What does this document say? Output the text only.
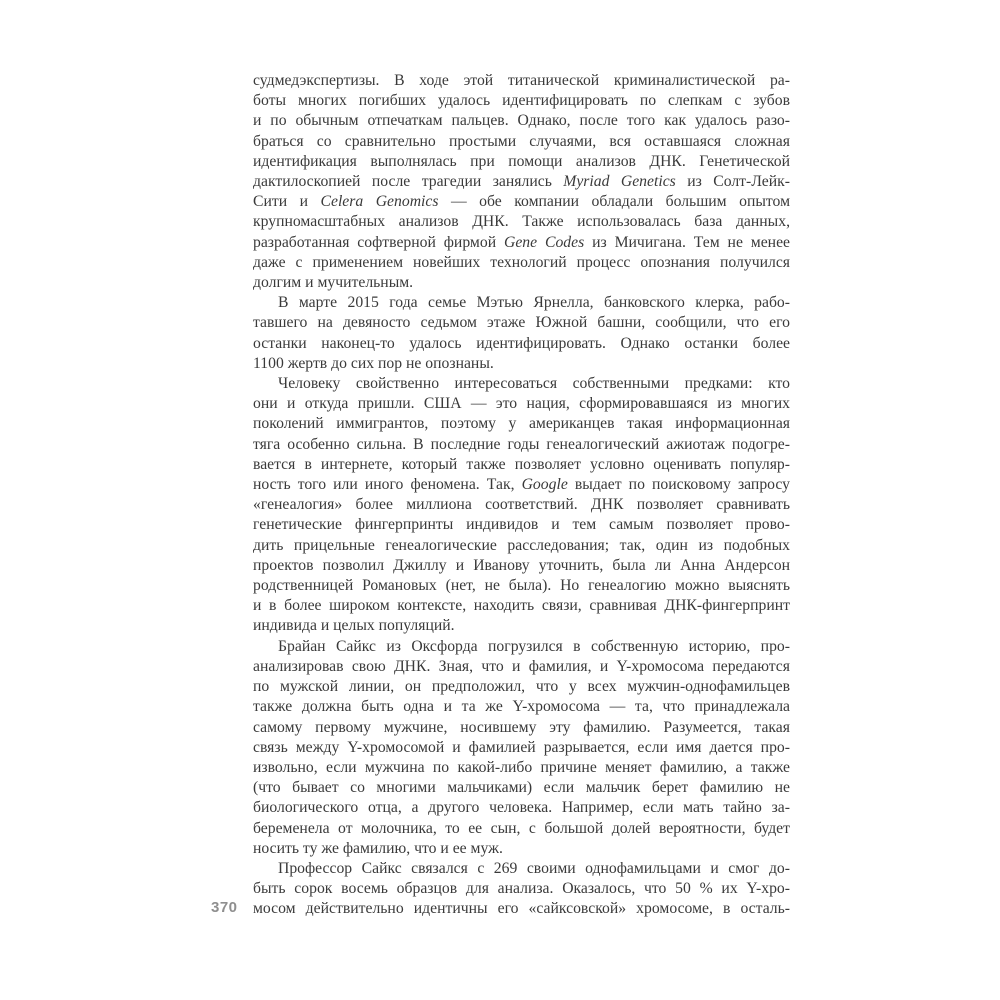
370
судмедэкспертизы. В ходе этой титанической криминалистической ра-
боты многих погибших удалось идентифицировать по слепкам с зубов
и по обычным отпечаткам пальцев. Однако, после того как удалось разо-
браться со сравнительно простыми случаями, вся оставшаяся сложная
идентификация выполнялась при помощи анализов ДНК. Генетической
дактилоскопией после трагедии занялись Myriad Genetics из Солт-Лейк-
Сити и Celera Genomics — обе компании обладали большим опытом
крупномасштабных анализов ДНК. Также использовалась база данных,
разработанная софтверной фирмой Gene Codes из Мичигана. Тем не менее
даже с применением новейших технологий процесс опознания получился
долгим и мучительным.
В марте 2015 года семье Мэтью Ярнелла, банковского клерка, рабо-
тавшего на девяносто седьмом этаже Южной башни, сообщили, что его
останки наконец-то удалось идентифицировать. Однако останки более
1100 жертв до сих пор не опознаны.
Человеку свойственно интересоваться собственными предками: кто
они и откуда пришли. США — это нация, сформировавшаяся из многих
поколений иммигрантов, поэтому у американцев такая информационная
тяга особенно сильна. В последние годы генеалогический ажиотаж подогре-
вается в интернете, который также позволяет условно оценивать популяр-
ность того или иного феномена. Так, Google выдает по поисковому запросу
«генеалогия» более миллиона соответствий. ДНК позволяет сравнивать
генетические фингерпринты индивидов и тем самым позволяет прово-
дить прицельные генеалогические расследования; так, один из подобных
проектов позволил Джиллу и Иванову уточнить, была ли Анна Андерсон
родственницей Романовых (нет, не была). Но генеалогию можно выяснять
и в более широком контексте, находить связи, сравнивая ДНК-фингерпринт
индивида и целых популяций.
Брайан Сайкс из Оксфорда погрузился в собственную историю, про-
анализировав свою ДНК. Зная, что и фамилия, и Y-хромосома передаются
по мужской линии, он предположил, что у всех мужчин-однофамильцев
также должна быть одна и та же Y-хромосома — та, что принадлежала
самому первому мужчине, носившему эту фамилию. Разумеется, такая
связь между Y-хромосомой и фамилией разрывается, если имя дается про-
извольно, если мужчина по какой-либо причине меняет фамилию, а также
(что бывает со многими мальчиками) если мальчик берет фамилию не
биологического отца, а другого человека. Например, если мать тайно за-
беременела от молочника, то ее сын, с большой долей вероятности, будет
носить ту же фамилию, что и ее муж.
Профессор Сайкс связался с 269 своими однофамильцами и смог до-
быть сорок восемь образцов для анализа. Оказалось, что 50 % их Y-хро-
мосом действительно идентичны его «сайксовской» хромосоме, в осталь-
